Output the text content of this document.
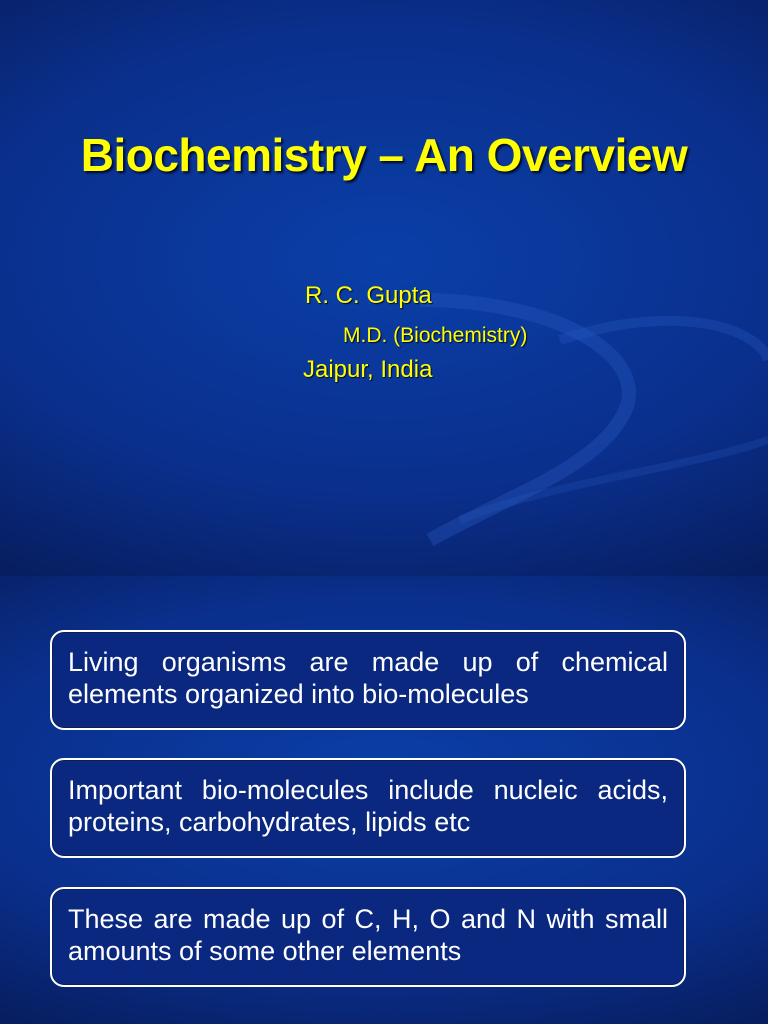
Biochemistry – An Overview
R. C. Gupta
M.D. (Biochemistry)
Jaipur, India
Living organisms are made up of chemical elements organized into bio-molecules
Important bio-molecules include nucleic acids, proteins, carbohydrates, lipids etc
These are made up of C, H, O and N with small amounts of some other elements
